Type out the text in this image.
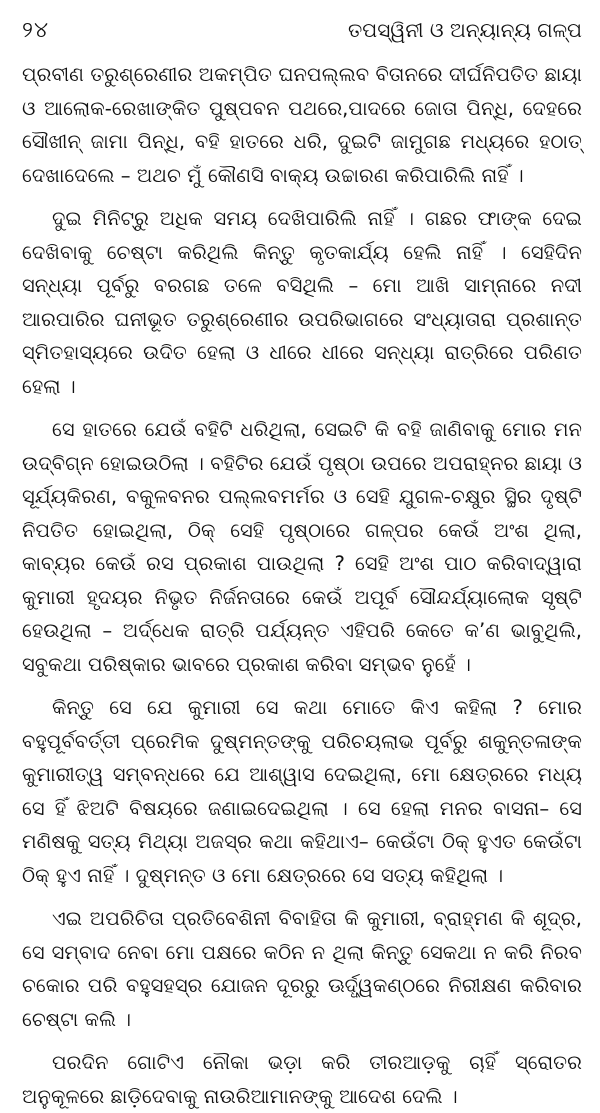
୨୪	ତପସ୍ୱିନୀ ଓ ଅନ୍ୟାନ୍ୟ ଗଳ୍ପ

ପ୍ରବୀଣ ତରୁଶ୍ରେଣୀର ଅକମ୍ପିତ ଘନପଲ୍ଲବ ବିତାନରେ ଦୀର୍ଘନିପତିତ ଛାୟା ଓ ଆଲୋକ-ରେଖାଙ୍କିତ ପୁଷ୍ପବନ ପଥରେ,ପାଦରେ ଜୋତା ପିନ୍ଧି, ଦେହରେ ସୌଖୀନ୍ ଜାମା ପିନ୍ଧି, ବହି ହାତରେ ଧରି, ଦୁଇଟି ଜାମୁଗଛ ମଧ୍ୟରେ ହଠାତ୍ ଦେଖାଦେଲେ – ଅଥଚ ମୁଁ କୌଣସି ବାକ୍ୟ ଉଚ୍ଚାରଣ କରିପାରିଲି ନାହିଁ ।

ଦୁଇ ମିନିଟ୍ରୁ ଅଧିକ ସମୟ ଦେଖିପାରିଲି ନାହିଁ । ଗଛର ଫାଙ୍କ ଦେଇ ଦେଖିବାକୁ ଚେଷ୍ଟା କରିଥିଲି କିନ୍ତୁ କୃତକାର୍ଯ୍ୟ ହେଲି ନାହିଁ । ସେହିଦିନ ସନ୍ଧ୍ୟା ପୂର୍ବରୁ ବରଗଛ ତଳେ ବସିଥିଲି – ମୋ ଆଖି ସାମ୍ନାରେ ନଦୀ ଆରପାରିର ଘନୀଭୂତ ତରୁଶ୍ରେଣୀର ଉପରିଭାଗରେ ସଂଧ୍ୟାତାରା ପ୍ରଶାନ୍ତ ସ୍ମିତହାସ୍ୟରେ ଉଦିତ ହେଲା ଓ ଧୀରେ ଧୀରେ ସନ୍ଧ୍ୟା ରାତ୍ରିରେ ପରିଣତ ହେଲା ।

ସେ ହାତରେ ଯେଉଁ ବହିଟି ଧରିଥିଲା, ସେଇଟି କି ବହି ଜାଣିବାକୁ ମୋର ମନ ଉଦ୍‌ବିଗ୍ନ ହୋଇଉଠିଲା । ବହିଟିର ଯେଉଁ ପୃଷ୍ଠା ଉପରେ ଅପରାହ୍ନର ଛାୟା ଓ ସୂର୍ଯ୍ୟକିରଣ, ବକୁଳବନର ପଲ୍ଲବମର୍ମର ଓ ସେହି ଯୁଗଳ-ଚକ୍ଷୁର ସ୍ଥିର ଦୃଷ୍ଟି ନିପତିତ ହୋଇଥିଲା, ଠିକ୍ ସେହି ପୃଷ୍ଠାରେ ଗଳ୍ପର କେଉଁ ଅଂଶ ଥିଲା, କାବ୍ୟର କେଉଁ ରସ ପ୍ରକାଶ ପାଉଥିଲା ? ସେହି ଅଂଶ ପାଠ କରିବାଦ୍ୱାରା କୁମାରୀ ହୃଦୟର ନିଭୃତ ନିର୍ଜନତାରେ କେଉଁ ଅପୂର୍ବ ସୌନ୍ଦର୍ଯ୍ୟାଲୋକ ସୃଷ୍ଟି ହେଉଥିଲା – ଅର୍ଦ୍ଧେକ ରାତ୍ରି ପର୍ଯ୍ୟନ୍ତ ଏହିପରି କେତେ କ’ଣ ଭାବୁଥିଲି, ସବୁକଥା ପରିଷ୍କାର ଭାବରେ ପ୍ରକାଶ କରିବା ସମ୍ଭବ ନୁହେଁ ।

କିନ୍ତୁ ସେ ଯେ କୁମାରୀ ସେ କଥା ମୋତେ କିଏ କହିଲା ? ମୋର ବହୁପୂର୍ବବର୍ତ୍ତୀ ପ୍ରେମିକ ଦୁଷ୍ମନ୍ତଙ୍କୁ ପରିଚୟଲାଭ ପୂର୍ବରୁ ଶକୁନ୍ତଳାଙ୍କ କୁମାରୀତ୍ୱ ସମ୍ବନ୍ଧରେ ଯେ ଆଶ୍ୱାସ ଦେଇଥିଲା, ମୋ କ୍ଷେତ୍ରରେ ମଧ୍ୟ ସେ ହିଁ ଝିଅଟି ବିଷୟରେ ଜଣାଇଦେଇଥିଲା । ସେ ହେଲା ମନର ବାସନା– ସେ ମଣିଷକୁ ସତ୍ୟ ମିଥ୍ୟା ଅଜସ୍ର କଥା କହିଥାଏ– କେଉଁଟା ଠିକ୍ ହୁଏତ କେଉଁଟା ଠିକ୍ ହୁଏ ନାହିଁ । ଦୁଷ୍ମନ୍ତ ଓ ମୋ କ୍ଷେତ୍ରରେ ସେ ସତ୍ୟ କହିଥିଲା ।

ଏଇ ଅପରିଚିତା ପ୍ରତିବେଶିନୀ ବିବାହିତା କି କୁମାରୀ, ବ୍ରାହ୍ମଣ କି ଶୂଦ୍ର, ସେ ସମ୍ବାଦ ନେବା ମୋ ପକ୍ଷରେ କଠିନ ନ ଥିଲା କିନ୍ତୁ ସେକଥା ନ କରି ନିରବ ଚକୋର ପରି ବହୁସହସ୍ର ଯୋଜନ ଦୂରରୁ ଊର୍ଦ୍ଧ୍ୱକଣ୍ଠରେ ନିରୀକ୍ଷଣ କରିବାର ଚେଷ୍ଟା କଲି ।

ପରଦିନ ଗୋଟିଏ ନୌକା ଭଡ଼ା କରି ତୀରଆଡ଼କୁ ଚାହିଁ ସ୍ରୋତର ଅନୁକୂଳରେ ଛାଡ଼ିଦେବାକୁ ନାଉରିଆମାନଙ୍କୁ ଆଦେଶ ଦେଲି ।
